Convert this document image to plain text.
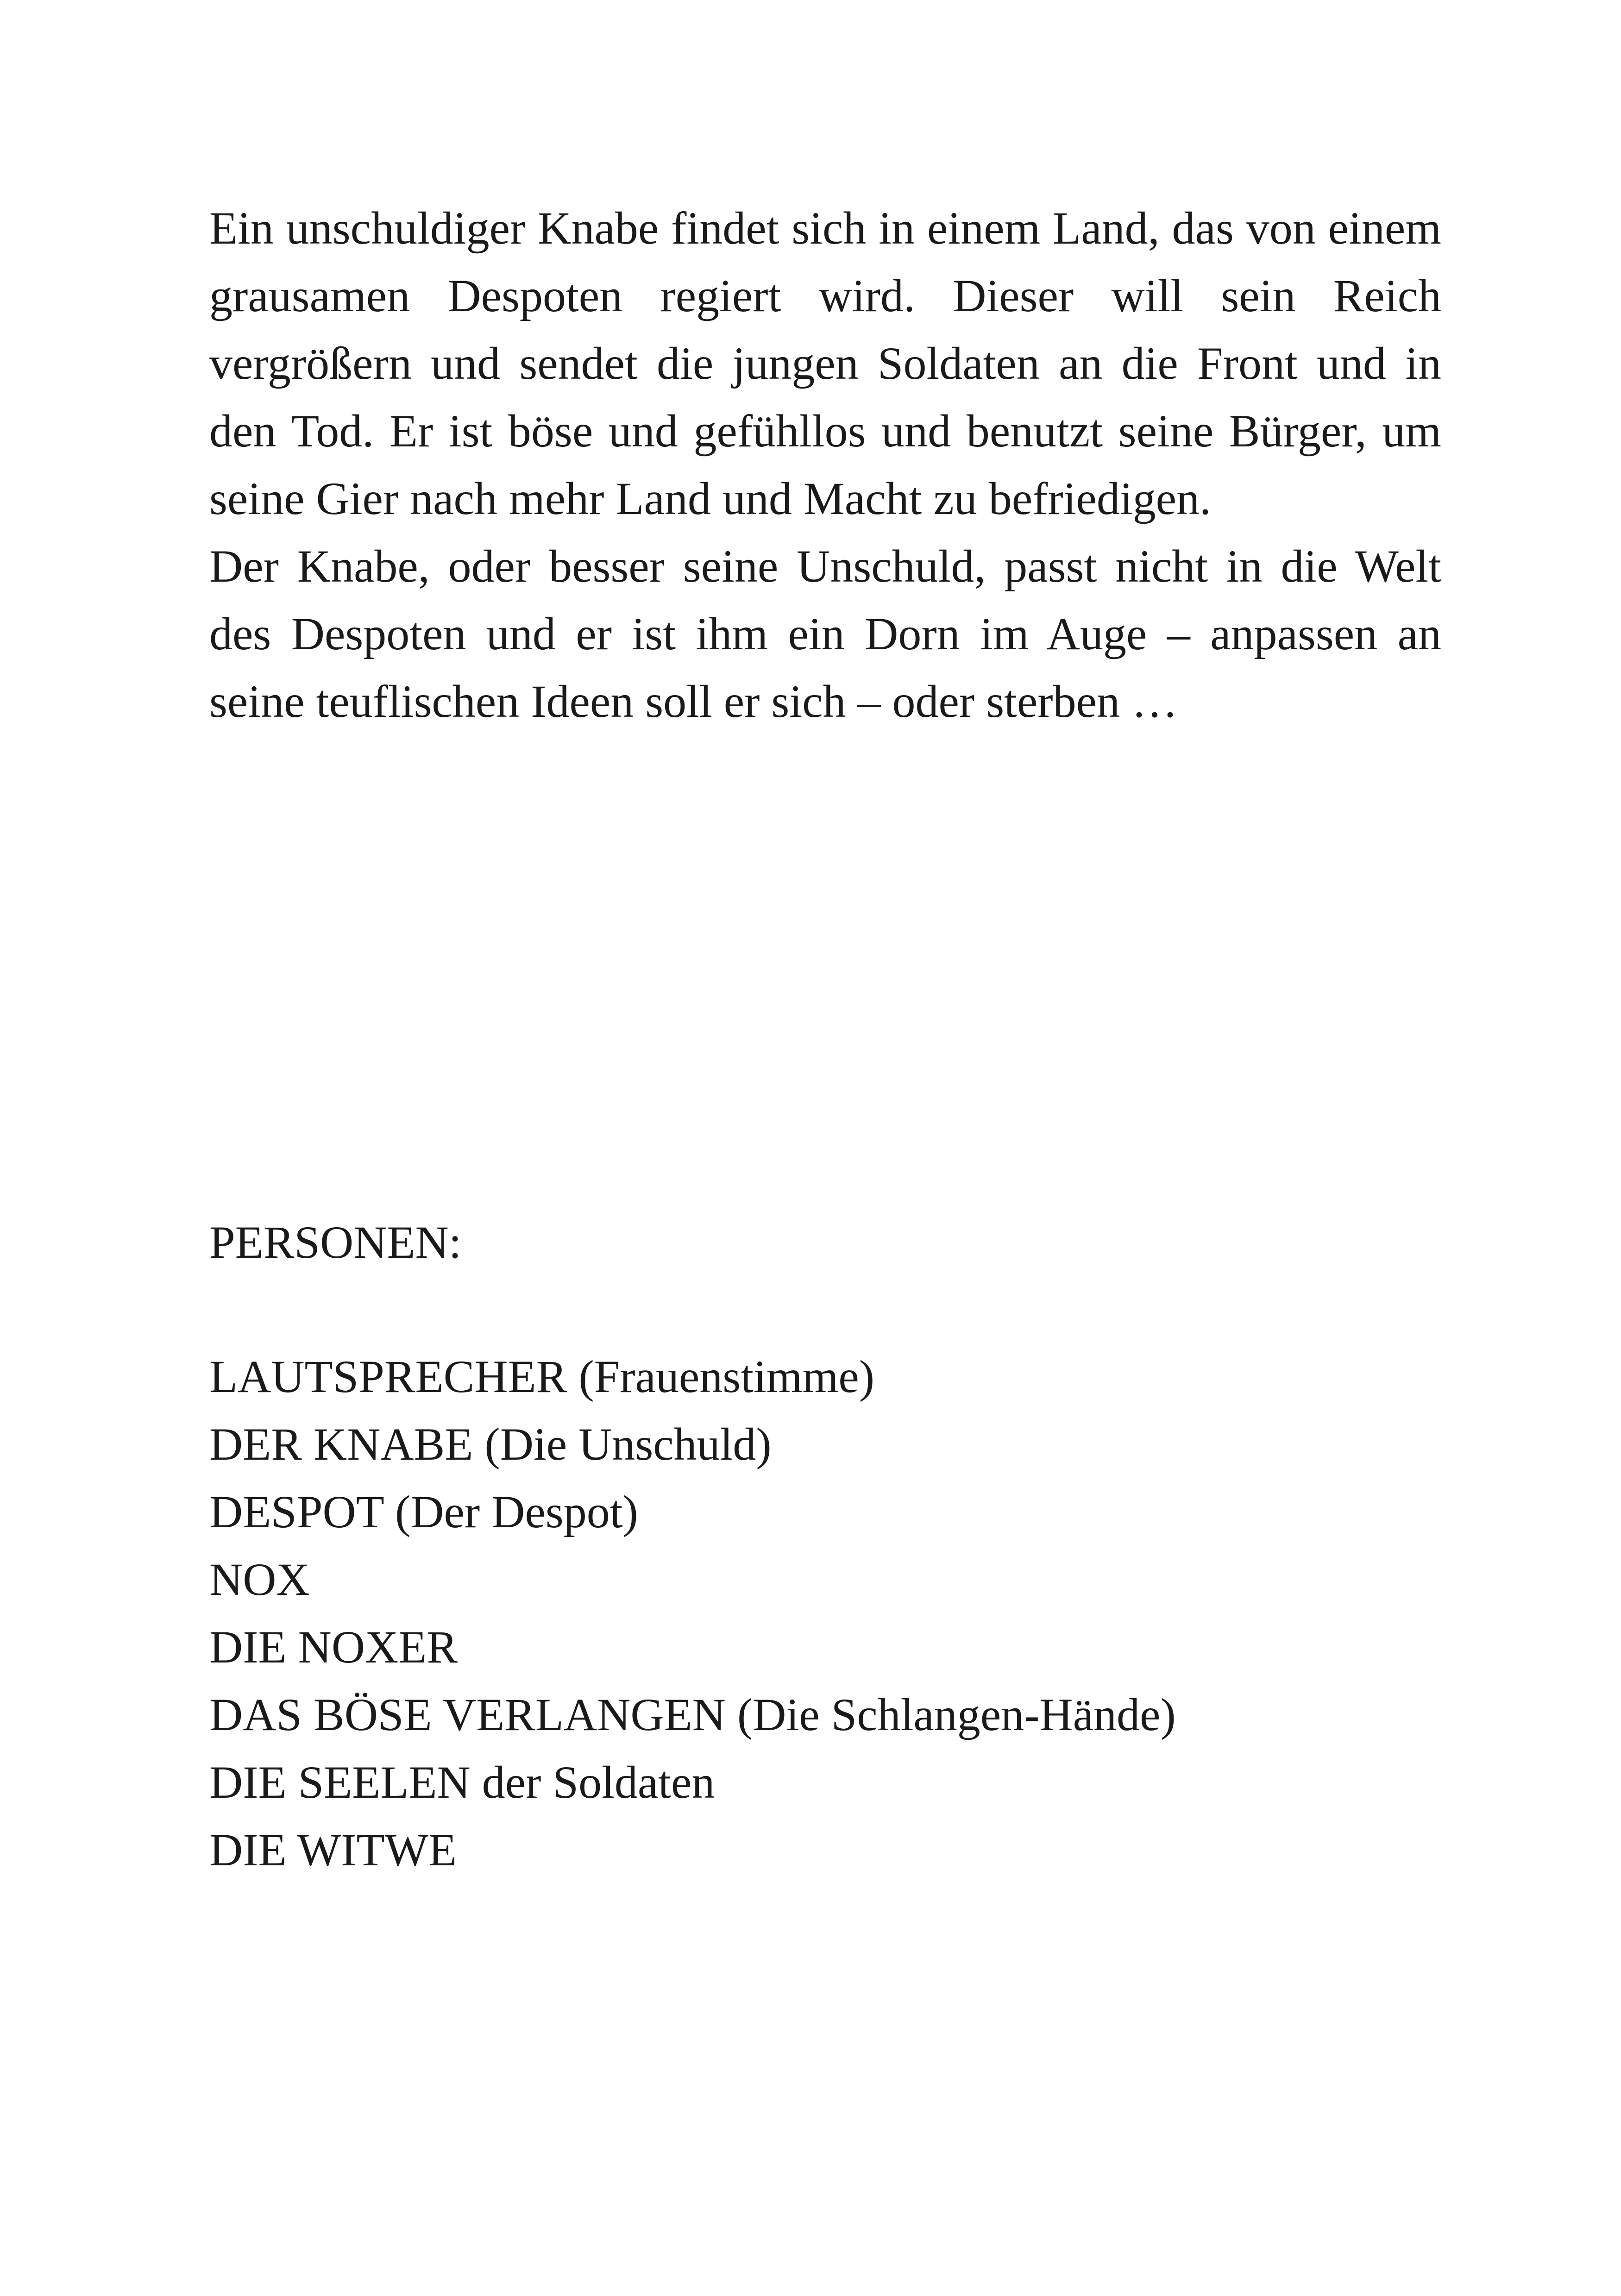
Ein unschuldiger Knabe findet sich in einem Land, das von einem grausamen Despoten regiert wird. Dieser will sein Reich vergrößern und sendet die jungen Soldaten an die Front und in den Tod. Er ist böse und gefühllos und benutzt seine Bürger, um seine Gier nach mehr Land und Macht zu befriedigen.

Der Knabe, oder besser seine Unschuld, passt nicht in die Welt des Despoten und er ist ihm ein Dorn im Auge – anpassen an seine teuflischen Ideen soll er sich – oder sterben …

PERSONEN:
LAUTSPRECHER (Frauenstimme)
DER KNABE (Die Unschuld)
DESPOT (Der Despot)
NOX
DIE NOXER
DAS BÖSE VERLANGEN (Die Schlangen-Hände)
DIE SEELEN der Soldaten
DIE WITWE
